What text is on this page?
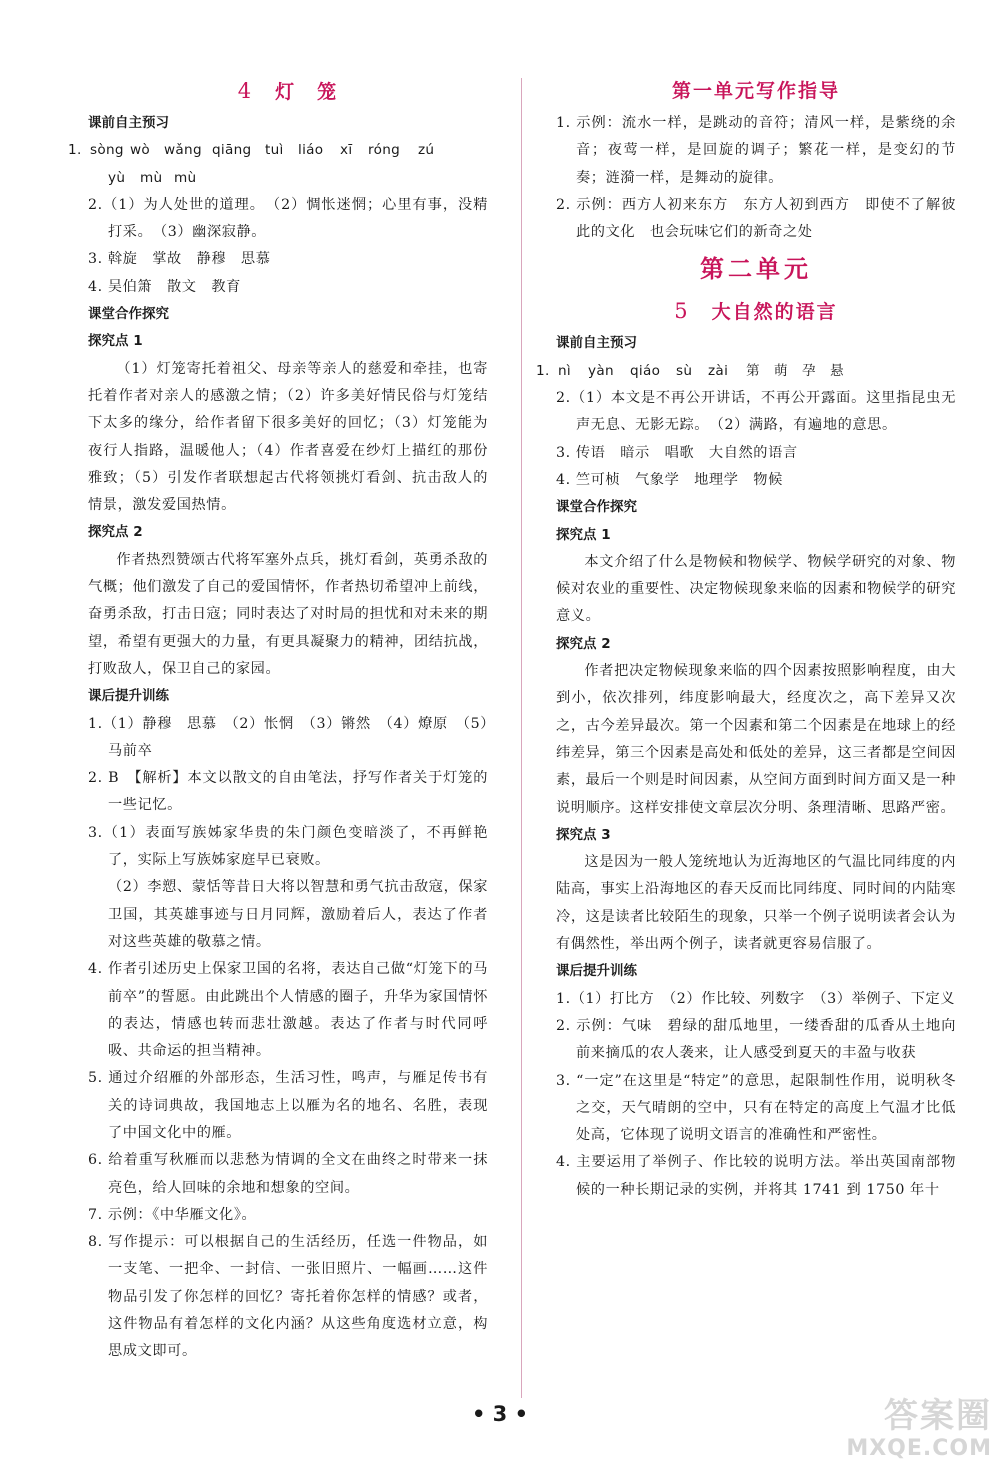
4 灯　笼
课前自主预习

1. sòng wò wǎng qiāng tuì liáo xī róng zú

yù mù mù

2.（1）为人处世的道理。　（2）惆怅迷惘；心里有事，没精打采。　（3）幽深寂静。

3. 斡旋　掌故　静穆　思慕

4. 吴伯箫　散文　教育

课堂合作探究
探究点 1

（1）灯笼寄托着祖父、母亲等亲人的慈爱和牵挂，也寄托着作者对亲人的感激之情；（2）许多美好情民俗与灯笼结下太多的缘分，给作者留下很多美好的回忆；（3）灯笼能为夜行人指路，温暖他人；（4）作者喜爱在纱灯上描红的那份雅致；（5）引发作者联想起古代将领挑灯看剑、抗击敌人的情景，激发爱国热情。

探究点 2

作者热烈赞颂古代将军塞外点兵，挑灯看剑，英勇杀敌的气概；他们激发了自己的爱国情怀，作者热切希望冲上前线，奋勇杀敌，打击日寇；同时表达了对时局的担忧和对未来的期望，希望有更强大的力量，有更具凝聚力的精神，团结抗战，打败敌人，保卫自己的家园。

课后提升训练

1.（1）静穆　思慕　（2）怅惘　（3）锵然　（4）燎原　（5）马前卒

2. B　【解析】本文以散文的自由笔法，抒写作者关于灯笼的一些记忆。

3.（1）表面写族姊家华贵的朱门颜色变暗淡了，不再鲜艳了，实际上写族姊家庭早已衰败。

（2）李愬、蒙恬等昔日大将以智慧和勇气抗击敌寇，保家卫国，其英雄事迹与日月同辉，激励着后人，表达了作者对这些英雄的敬慕之情。

4. 作者引述历史上保家卫国的名将，表达自己做“灯笼下的马前卒”的誓愿。由此跳出个人情感的圈子，升华为家国情怀的表达，情感也转而悲壮激越。表达了作者与时代同呼吸、共命运的担当精神。

5. 通过介绍雁的外部形态，生活习性，鸣声，与雁足传书有关的诗词典故，我国地志上以雁为名的地名、名胜，表现了中国文化中的雁。

6. 给着重写秋雁而以悲愁为情调的全文在曲终之时带来一抹亮色，给人回味的余地和想象的空间。

7. 示例：《中华雁文化》。

8. 写作提示：可以根据自己的生活经历，任选一件物品，如一支笔、一把伞、一封信、一张旧照片、一幅画……这件物品引发了你怎样的回忆？寄托着你怎样的情感？或者，这件物品有着怎样的文化内涵？从这些角度选材立意，构思成文即可。

第一单元写作指导

1. 示例：流水一样，是跳动的音符；清风一样，是紫绕的余音；夜莺一样，是回旋的调子；繁花一样，是变幻的节奏；涟漪一样，是舞动的旋律。

2. 示例：西方人初来东方　东方人初到西方　即使不了解彼此的文化　也会玩味它们的新奇之处

第二单元
5 大自然的语言
课前自主预习

1. nì yàn qiáo sù zài 第 萌 孕 悬

2.（1）本文是不再公开讲话，不再公开露面。这里指昆虫无声无息、无影无踪。　（2）满路，有遍地的意思。

3. 传语　暗示　唱歌　大自然的语言

4. 竺可桢　气象学　地理学　物候

课堂合作探究
探究点 1

本文介绍了什么是物候和物候学、物候学研究的对象、物候对农业的重要性、决定物候现象来临的因素和物候学的研究意义。

探究点 2

作者把决定物候现象来临的四个因素按照影响程度，由大到小，依次排列，纬度影响最大，经度次之，高下差异又次之，古今差异最次。第一个因素和第二个因素是在地球上的经纬差异，第三个因素是高处和低处的差异，这三者都是空间因素，最后一个则是时间因素，从空间方面到时间方面又是一种说明顺序。这样安排使文章层次分明、条理清晰、思路严密。

探究点 3

这是因为一般人笼统地认为近海地区的气温比同纬度的内陆高，事实上沿海地区的春天反而比同纬度、同时间的内陆寒冷，这是读者比较陌生的现象，只举一个例子说明读者会认为有偶然性，举出两个例子，读者就更容易信服了。

课后提升训练

1.（1）打比方　（2）作比较、列数字　（3）举例子、下定义

2. 示例：气味　碧绿的甜瓜地里，一缕香甜的瓜香从土地向前来摘瓜的农人袭来，让人感受到夏天的丰盈与收获

3. “一定”在这里是“特定”的意思，起限制性作用，说明秋冬之交，天气晴朗的空中，只有在特定的高度上气温才比低处高，它体现了说明文语言的准确性和严密性。

4. 主要运用了举例子、作比较的说明方法。举出英国南部物候的一种长期记录的实例，并将其 1741 到 1750 年十

• 3 •	答案圈
MXQE.COM
